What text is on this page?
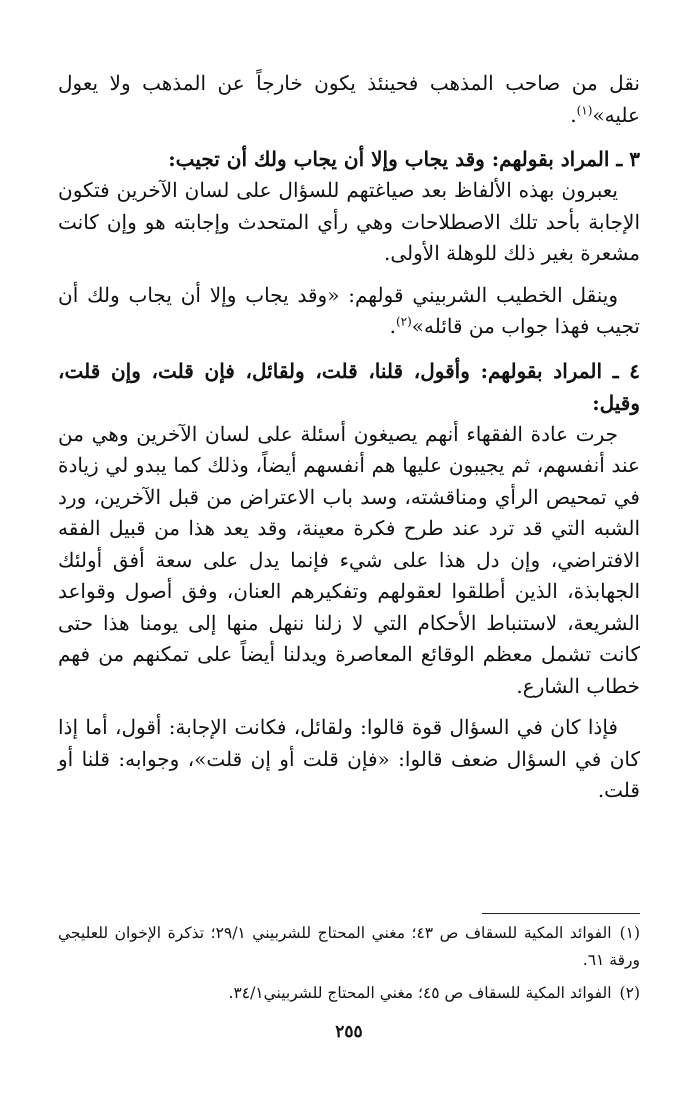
نقل من صاحب المذهب فحينئذ يكون خارجاً عن المذهب ولا يعول عليه»$^{(١)}$.

٣ ـ المراد بقولهم: وقد يجاب وإلا أن يجاب ولك أن تجيب:

يعبرون بهذه الألفاظ بعد صياغتهم للسؤال على لسان الآخرين فتكون الإجابة بأحد تلك الاصطلاحات وهي رأي المتحدث وإجابته هو وإن كانت مشعرة بغير ذلك للوهلة الأولى.

وينقل الخطيب الشربيني قولهم: «وقد يجاب وإلا أن يجاب ولك أن تجيب فهذا جواب من قائله»$^{(٢)}$.

٤ ـ المراد بقولهم: وأقول، قلنا، قلت، ولقائل، فإن قلت، وإن قلت، وقيل:

جرت عادة الفقهاء أنهم يصيغون أسئلة على لسان الآخرين وهي من عند أنفسهم، ثم يجيبون عليها هم أنفسهم أيضاً، وذلك كما يبدو لي زيادة في تمحيص الرأي ومناقشته، وسد باب الاعتراض من قبل الآخرين، ورد الشبه التي قد ترد عند طرح فكرة معينة، وقد يعد هذا من قبيل الفقه الافتراضي، وإن دل هذا على شيء فإنما يدل على سعة أفق أولئك الجهابذة، الذين أطلقوا لعقولهم وتفكيرهم العنان، وفق أصول وقواعد الشريعة، لاستنباط الأحكام التي لا زلنا ننهل منها إلى يومنا هذا حتى كانت تشمل معظم الوقائع المعاصرة ويدلنا أيضاً على تمكنهم من فهم خطاب الشارع.

فإذا كان في السؤال قوة قالوا: ولقائل، فكانت الإجابة: أقول، أما إذا كان في السؤال ضعف قالوا: «فإن قلت أو إن قلت»، وجوابه: قلنا أو قلت.

(١)الفوائد المكية للسقاف ص ٤٣؛ مغني المحتاج للشربيني ٢٩/١؛ تذكرة الإخوان للعليجي ورقة ٦١.

(٢)الفوائد المكية للسقاف ص ٤٥؛ مغني المحتاج للشربيني٣٤/١.

٢٥٥
